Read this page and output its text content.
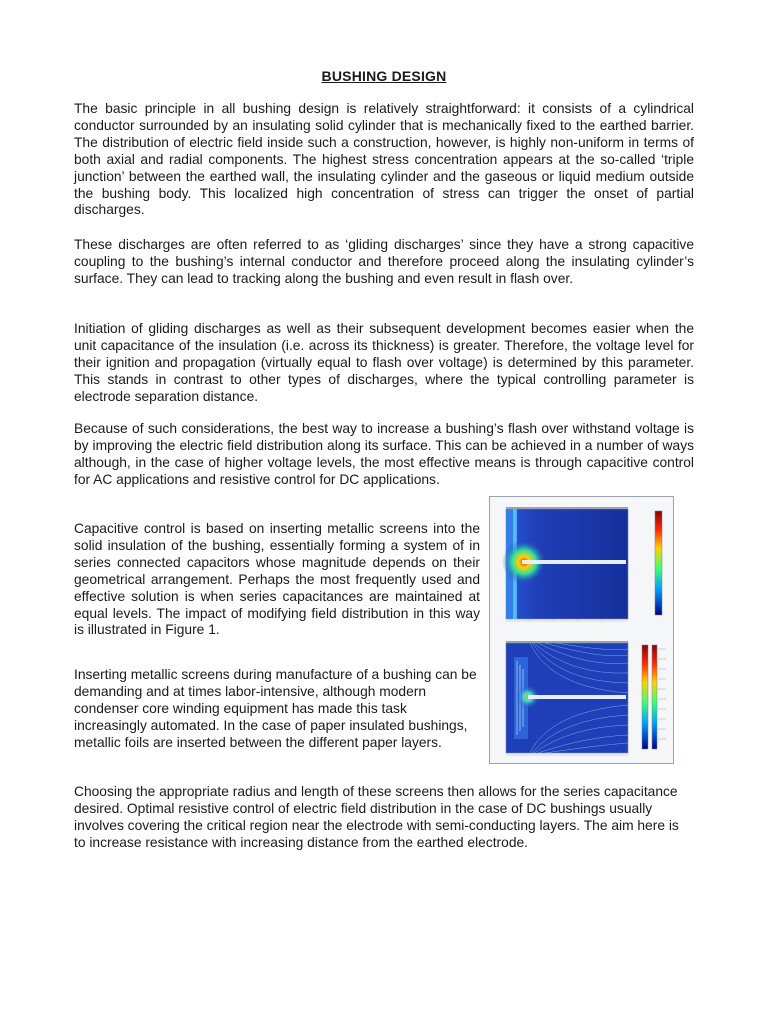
BUSHING DESIGN

The basic principle in all bushing design is relatively straightforward: it consists of a cylindrical conductor surrounded by an insulating solid cylinder that is mechanically fixed to the earthed barrier. The distribution of electric field inside such a construction, however, is highly non-uniform in terms of both axial and radial components. The highest stress concentration appears at the so-called ‘triple junction’ between the earthed wall, the insulating cylinder and the gaseous or liquid medium outside the bushing body. This localized high concentration of stress can trigger the onset of partial discharges.

These discharges are often referred to as ‘gliding discharges’ since they have a strong capacitive coupling to the bushing’s internal conductor and therefore proceed along the insulating cylinder’s surface. They can lead to tracking along the bushing and even result in flash over.

Initiation of gliding discharges as well as their subsequent development becomes easier when the unit capacitance of the insulation (i.e. across its thickness) is greater. Therefore, the voltage level for their ignition and propagation (virtually equal to flash over voltage) is determined by this parameter. This stands in contrast to other types of discharges, where the typical controlling parameter is electrode separation distance.

Because of such considerations, the best way to increase a bushing’s flash over withstand voltage is by improving the electric field distribution along its surface. This can be achieved in a number of ways although, in the case of higher voltage levels, the most effective means is through capacitive control for AC applications and resistive control for DC applications.

Capacitive control is based on inserting metallic screens into the solid insulation of the bushing, essentially forming a system of in series connected capacitors whose magnitude depends on their geometrical arrangement. Perhaps the most frequently used and effective solution is when series capacitances are maintained at equal levels. The impact of modifying field distribution in this way is illustrated in Figure 1.

Inserting metallic screens during manufacture of a bushing can be demanding and at times labor-intensive, although modern condenser core winding equipment has made this task increasingly automated. In the case of paper insulated bushings, metallic foils are inserted between the different paper layers.

Choosing the appropriate radius and length of these screens then allows for the series capacitance desired. Optimal resistive control of electric field distribution in the case of DC bushings usually involves covering the critical region near the electrode with semi-conducting layers. The aim here is to increase resistance with increasing distance from the earthed electrode.
